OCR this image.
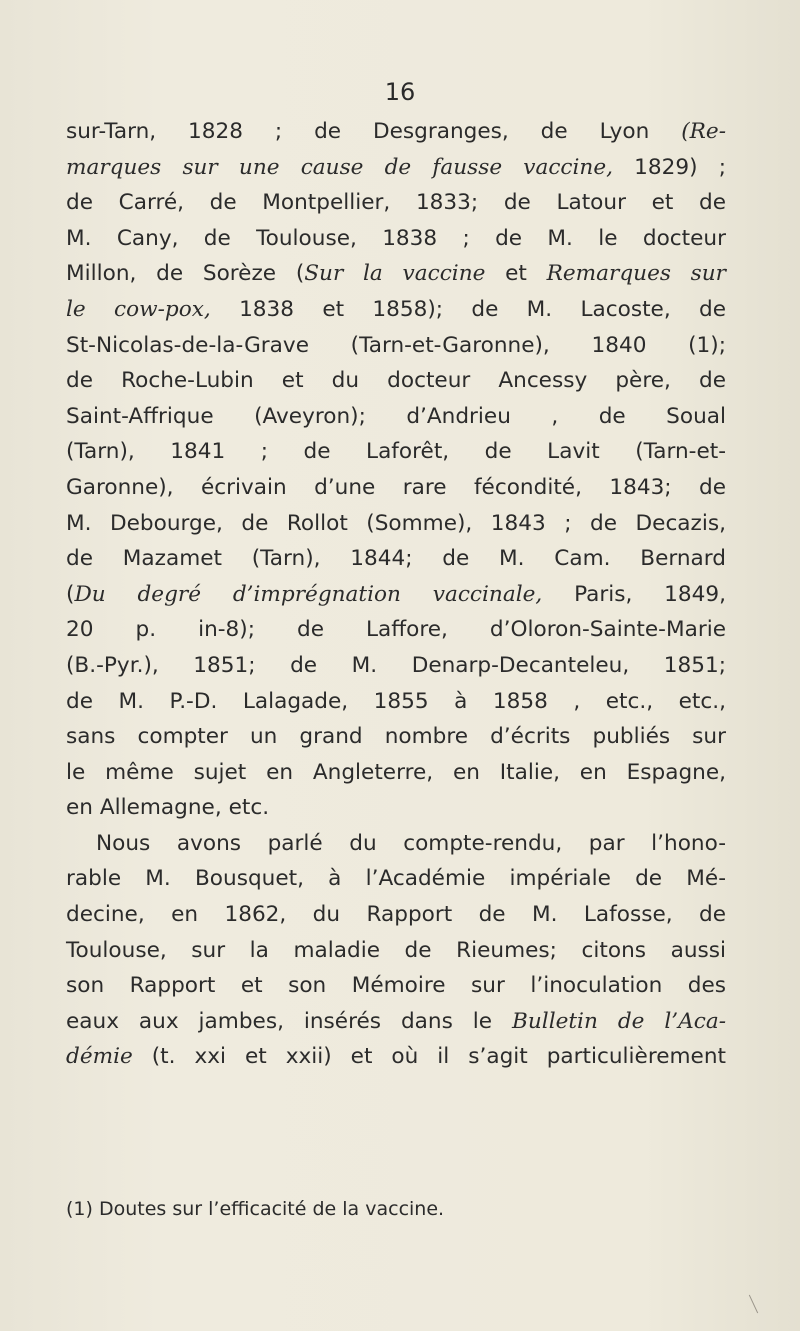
16
sur-Tarn, 1828 ; de Desgranges, de Lyon (Re-
marques sur une cause de fausse vaccine, 1829) ;
de Carré, de Montpellier, 1833; de Latour et de
M. Cany, de Toulouse, 1838 ; de M. le docteur
Millon, de Sorèze (Sur la vaccine et Remarques sur
le cow-pox, 1838 et 1858); de M. Lacoste, de
St-Nicolas-de-la-Grave (Tarn-et-Garonne), 1840 (1);
de Roche-Lubin et du docteur Ancessy père, de
Saint-Affrique (Aveyron); d’Andrieu , de Soual
(Tarn), 1841 ; de Laforêt, de Lavit (Tarn-et-
Garonne), écrivain d’une rare fécondité, 1843; de
M. Debourge, de Rollot (Somme), 1843 ; de Decazis,
de Mazamet (Tarn), 1844; de M. Cam. Bernard
(Du degré d’imprégnation vaccinale, Paris, 1849,
20 p. in-8); de Laffore, d’Oloron-Sainte-Marie
(B.-Pyr.), 1851; de M. Denarp-Decanteleu, 1851;
de M. P.-D. Lalagade, 1855 à 1858 , etc., etc.,
sans compter un grand nombre d’écrits publiés sur
le même sujet en Angleterre, en Italie, en Espagne,
en Allemagne, etc.
Nous avons parlé du compte-rendu, par l’hono-
rable M. Bousquet, à l’Académie impériale de Mé-
decine, en 1862, du Rapport de M. Lafosse, de
Toulouse, sur la maladie de Rieumes; citons aussi
son Rapport et son Mémoire sur l’inoculation des
eaux aux jambes, insérés dans le Bulletin de l’Aca-
démie (t. xxi et xxii) et où il s’agit particulièrement
(1) Doutes sur l’efficacité de la vaccine.
